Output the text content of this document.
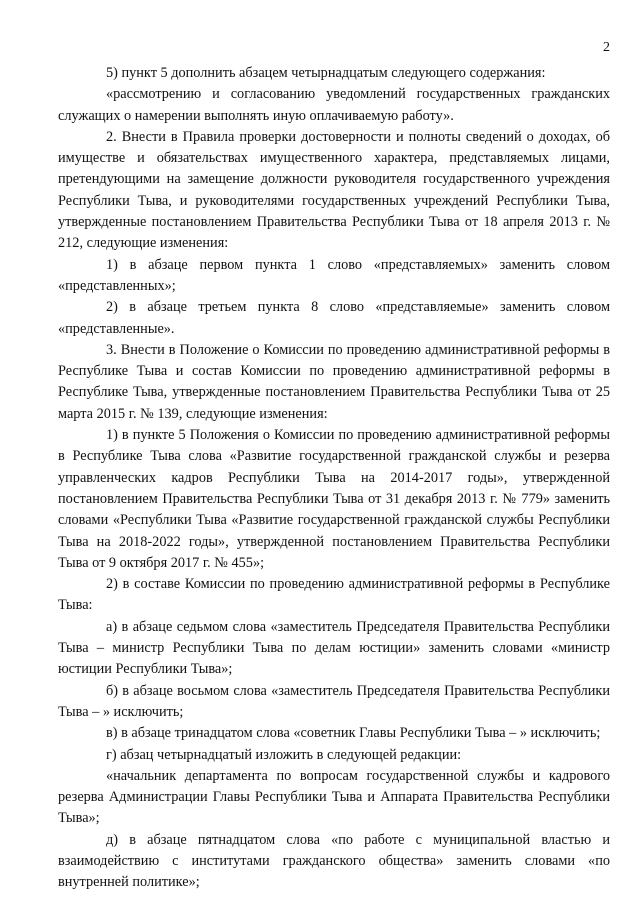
2

5) пункт 5 дополнить абзацем четырнадцатым следующего содержания:

«рассмотрению и согласованию уведомлений государственных гражданских служащих о намерении выполнять иную оплачиваемую работу».

2. Внести в Правила проверки достоверности и полноты сведений о доходах, об имуществе и обязательствах имущественного характера, представляемых лицами, претендующими на замещение должности руководителя государственного учреждения Республики Тыва, и руководителями государственных учреждений Республики Тыва, утвержденные постановлением Правительства Республики Тыва от 18 апреля 2013 г. № 212, следующие изменения:

1) в абзаце первом пункта 1 слово «представляемых» заменить словом «представленных»;

2) в абзаце третьем пункта 8 слово «представляемые» заменить словом «представленные».

3. Внести в Положение о Комиссии по проведению административной реформы в Республике Тыва и состав Комиссии по проведению административной реформы в Республике Тыва, утвержденные постановлением Правительства Республики Тыва от 25 марта 2015 г. № 139, следующие изменения:

1) в пункте 5 Положения о Комиссии по проведению административной реформы в Республике Тыва слова «Развитие государственной гражданской службы и резерва управленческих кадров Республики Тыва на 2014-2017 годы», утвержденной постановлением Правительства Республики Тыва от 31 декабря 2013 г. № 779» заменить словами «Республики Тыва «Развитие государственной гражданской службы Республики Тыва на 2018-2022 годы», утвержденной постановлением Правительства Республики Тыва от 9 октября 2017 г. № 455»;

2) в составе Комиссии по проведению административной реформы в Республике Тыва:

а) в абзаце седьмом слова «заместитель Председателя Правительства Республики Тыва – министр Республики Тыва по делам юстиции» заменить словами «министр юстиции Республики Тыва»;

б) в абзаце восьмом слова «заместитель Председателя Правительства Республики Тыва – » исключить;

в) в абзаце тринадцатом слова «советник Главы Республики Тыва – » исключить;

г) абзац четырнадцатый изложить в следующей редакции:

«начальник департамента по вопросам государственной службы и кадрового резерва Администрации Главы Республики Тыва и Аппарата Правительства Республики Тыва»;

д) в абзаце пятнадцатом слова «по работе с муниципальной властью и взаимодействию с институтами гражданского общества» заменить словами «по внутренней политике»;
